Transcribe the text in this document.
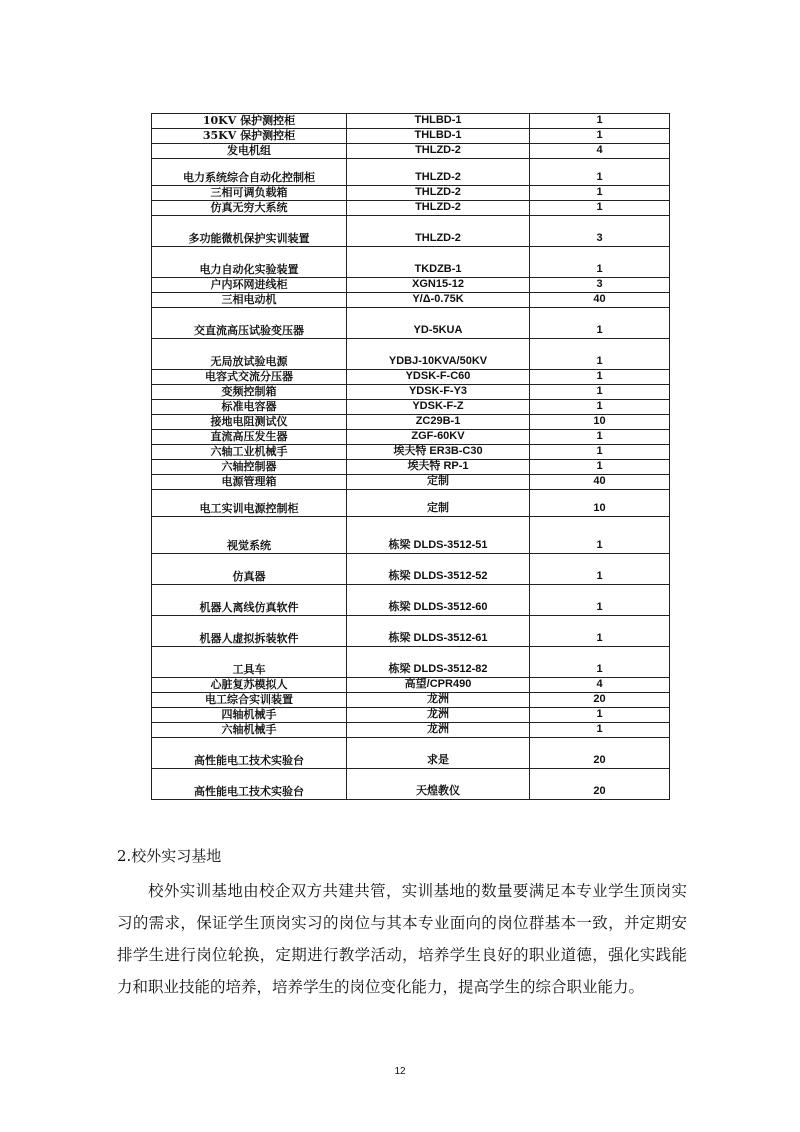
10KV 保护测控柜	THLBD-1	1
35KV 保护测控柜	THLBD-1	1
发电机组	THLZD-2	4
电力系统综合自动化控制柜	THLZD-2	1
三相可调负载箱	THLZD-2	1
仿真无穷大系统	THLZD-2	1
多功能微机保护实训装置	THLZD-2	3
电力自动化实验装置	TKDZB-1	1
户内环网进线柜	XGN15-12	3
三相电动机	Y/Δ-0.75K	40
交直流高压试验变压器	YD-5KUA	1
无局放试验电源	YDBJ-10KVA/50KV	1
电容式交流分压器	YDSK-F-C60	1
变频控制箱	YDSK-F-Y3	1
标准电容器	YDSK-F-Z	1
接地电阻测试仪	ZC29B-1	10
直流高压发生器	ZGF-60KV	1
六轴工业机械手	埃夫特 ER3B-C30	1
六轴控制器	埃夫特 RP-1	1
电源管理箱	定制	40
电工实训电源控制柜	定制	10
视觉系统	栋梁 DLDS-3512-51	1
仿真器	栋梁 DLDS-3512-52	1
机器人离线仿真软件	栋梁 DLDS-3512-60	1
机器人虚拟拆装软件	栋梁 DLDS-3512-61	1
工具车	栋梁 DLDS-3512-82	1
心脏复苏模拟人	高望/CPR490	4
电工综合实训装置	龙洲	20
四轴机械手	龙洲	1
六轴机械手	龙洲	1
高性能电工技术实验台	求是	20
高性能电工技术实验台	天煌教仪	20
2.校外实习基地

校外实训基地由校企双方共建共管，实训基地的数量要满足本专业学生顶岗实习的需求，保证学生顶岗实习的岗位与其本专业面向的岗位群基本一致，并定期安排学生进行岗位轮换，定期进行教学活动，培养学生良好的职业道德，强化实践能力和职业技能的培养，培养学生的岗位变化能力，提高学生的综合职业能力。

12
